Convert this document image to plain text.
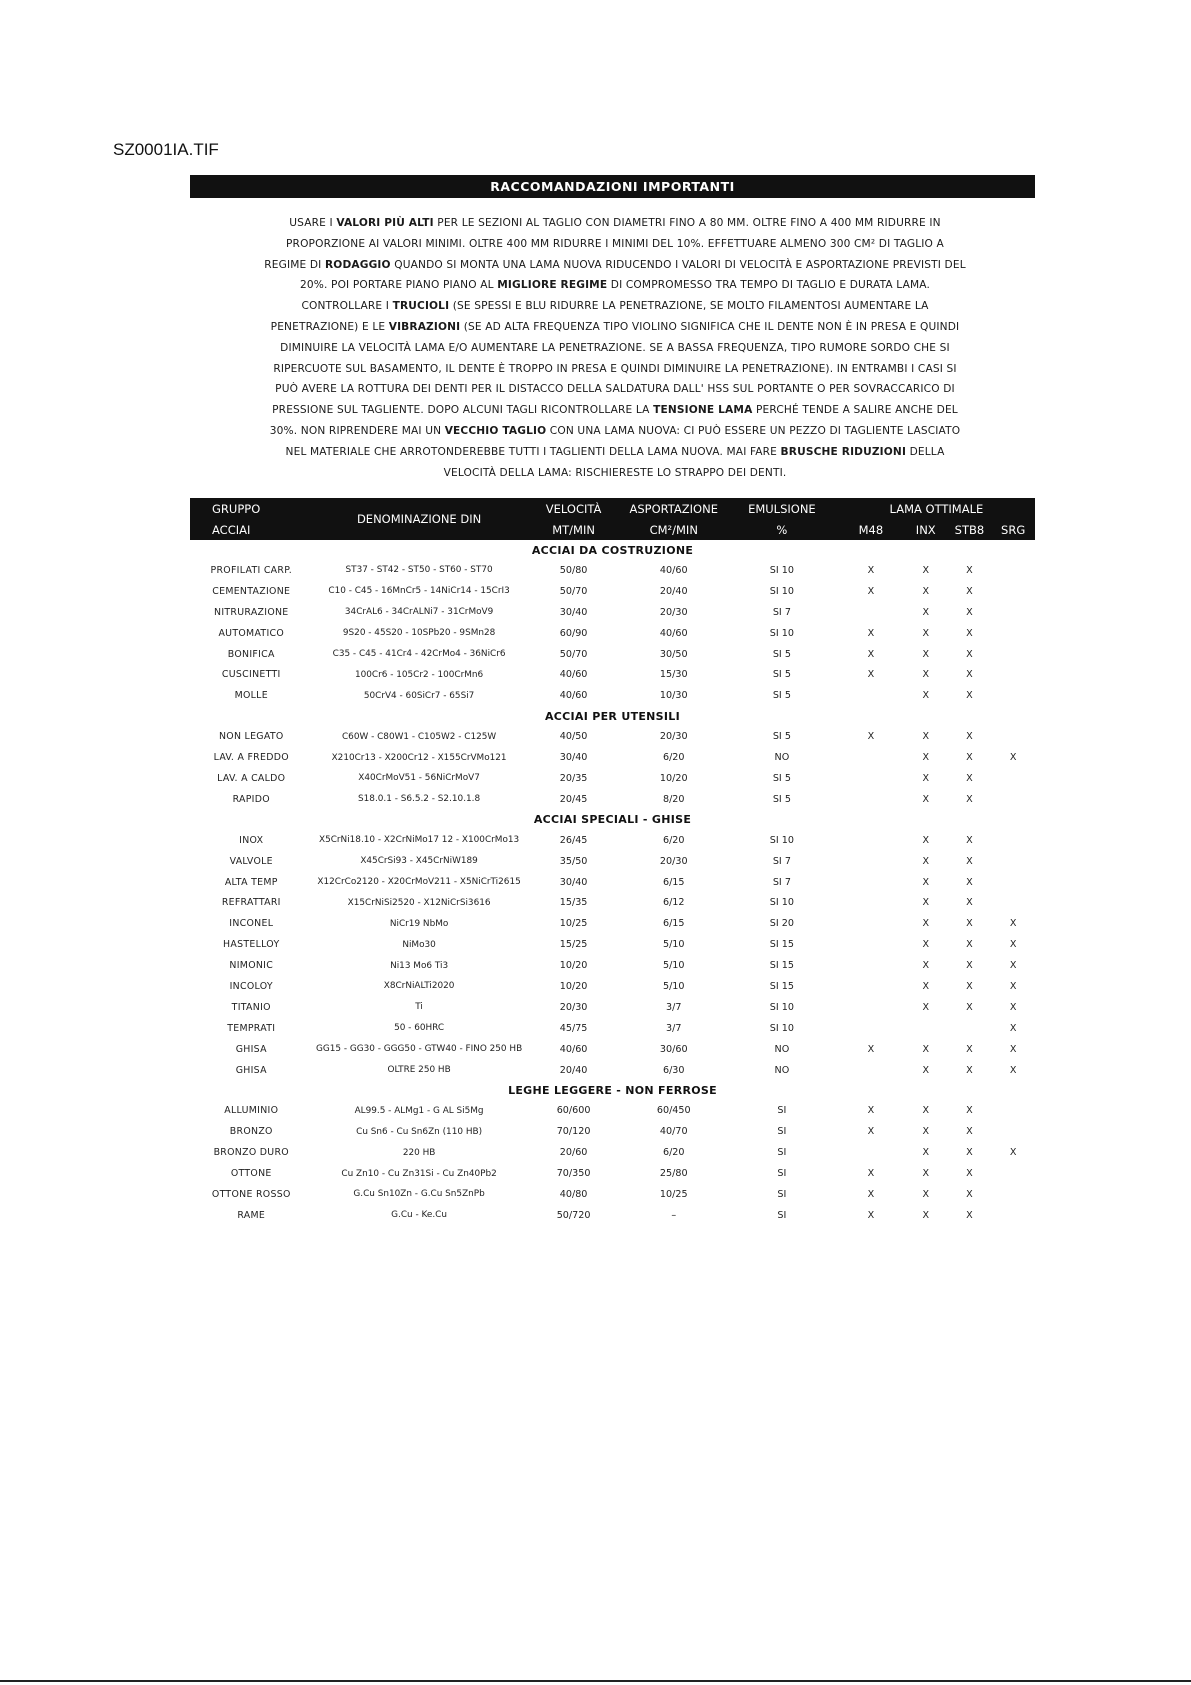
SZ0001IA.TIF
RACCOMANDAZIONI IMPORTANTI

USARE I VALORI PIÙ ALTI PER LE SEZIONI AL TAGLIO CON DIAMETRI FINO A 80 MM. OLTRE FINO A 400 MM RIDURRE IN

PROPORZIONE AI VALORI MINIMI. OLTRE 400 MM RIDURRE I MINIMI DEL 10%. EFFETTUARE ALMENO 300 CM² DI TAGLIO A

REGIME DI RODAGGIO QUANDO SI MONTA UNA LAMA NUOVA RIDUCENDO I VALORI DI VELOCITÀ E ASPORTAZIONE PREVISTI DEL

20%. POI PORTARE PIANO PIANO AL MIGLIORE REGIME DI COMPROMESSO TRA TEMPO DI TAGLIO E DURATA LAMA.

CONTROLLARE I TRUCIOLI (SE SPESSI E BLU RIDURRE LA PENETRAZIONE, SE MOLTO FILAMENTOSI AUMENTARE LA

PENETRAZIONE) E LE VIBRAZIONI (SE AD ALTA FREQUENZA TIPO VIOLINO SIGNIFICA CHE IL DENTE NON È IN PRESA E QUINDI

DIMINUIRE LA VELOCITÀ LAMA E/O AUMENTARE LA PENETRAZIONE. SE A BASSA FREQUENZA, TIPO RUMORE SORDO CHE SI

RIPERCUOTE SUL BASAMENTO, IL DENTE È TROPPO IN PRESA E QUINDI DIMINUIRE LA PENETRAZIONE). IN ENTRAMBI I CASI SI

PUÒ AVERE LA ROTTURA DEI DENTI PER IL DISTACCO DELLA SALDATURA DALL' HSS SUL PORTANTE O PER SOVRACCARICO DI

PRESSIONE SUL TAGLIENTE. DOPO ALCUNI TAGLI RICONTROLLARE LA TENSIONE LAMA PERCHÉ TENDE A SALIRE ANCHE DEL

30%. NON RIPRENDERE MAI UN VECCHIO TAGLIO CON UNA LAMA NUOVA: CI PUÒ ESSERE UN PEZZO DI TAGLIENTE LASCIATO

NEL MATERIALE CHE ARROTONDEREBBE TUTTI I TAGLIENTI DELLA LAMA NUOVA. MAI FARE BRUSCHE RIDUZIONI DELLA

VELOCITÀ DELLA LAMA: RISCHIERESTE LO STRAPPO DEI DENTI.

GRUPPO	DENOMINAZIONE DIN	VELOCITÀ	ASPORTAZIONE	EMULSIONE	LAMA OTTIMALE			
ACCIAI		MT/MIN	CM²/MIN	%	M48	INX	STB8	SRG
ACCIAI DA COSTRUZIONE								
PROFILATI CARP.	ST37 - ST42 - ST50 - ST60 - ST70	50/80	40/60	SI 10	X	X	X	
CEMENTAZIONE	C10 - C45 - 16MnCr5 - 14NiCr14 - 15CrI3	50/70	20/40	SI 10	X	X	X	
NITRURAZIONE	34CrAL6 - 34CrALNi7 - 31CrMoV9	30/40	20/30	SI 7		X	X	
AUTOMATICO	9S20 - 45S20 - 10SPb20 - 9SMn28	60/90	40/60	SI 10	X	X	X	
BONIFICA	C35 - C45 - 41Cr4 - 42CrMo4 - 36NiCr6	50/70	30/50	SI 5	X	X	X	
CUSCINETTI	100Cr6 - 105Cr2 - 100CrMn6	40/60	15/30	SI 5	X	X	X	
MOLLE	50CrV4 - 60SiCr7 - 65Si7	40/60	10/30	SI 5		X	X	
ACCIAI PER UTENSILI								
NON LEGATO	C60W - C80W1 - C105W2 - C125W	40/50	20/30	SI 5	X	X	X	
LAV. A FREDDO	X210Cr13 - X200Cr12 - X155CrVMo121	30/40	6/20	NO		X	X	X
LAV. A CALDO	X40CrMoV51 - 56NiCrMoV7	20/35	10/20	SI 5		X	X	
RAPIDO	S18.0.1 - S6.5.2 - S2.10.1.8	20/45	8/20	SI 5		X	X	
ACCIAI SPECIALI - GHISE								
INOX	X5CrNi18.10 - X2CrNiMo17 12 - X100CrMo13	26/45	6/20	SI 10		X	X	
VALVOLE	X45CrSi93 - X45CrNiW189	35/50	20/30	SI 7		X	X	
ALTA TEMP	X12CrCo2120 - X20CrMoV211 - X5NiCrTi2615	30/40	6/15	SI 7		X	X	
REFRATTARI	X15CrNiSi2520 - X12NiCrSi3616	15/35	6/12	SI 10		X	X	
INCONEL	NiCr19 NbMo	10/25	6/15	SI 20		X	X	X
HASTELLOY	NiMo30	15/25	5/10	SI 15		X	X	X
NIMONIC	Ni13 Mo6 Ti3	10/20	5/10	SI 15		X	X	X
INCOLOY	X8CrNiALTi2020	10/20	5/10	SI 15		X	X	X
TITANIO	Ti	20/30	3/7	SI 10		X	X	X
TEMPRATI	50 - 60HRC	45/75	3/7	SI 10				X
GHISA	GG15 - GG30 - GGG50 - GTW40 - FINO 250 HB	40/60	30/60	NO	X	X	X	X
GHISA	OLTRE 250 HB	20/40	6/30	NO		X	X	X
LEGHE LEGGERE - NON FERROSE								
ALLUMINIO	AL99.5 - ALMg1 - G AL Si5Mg	60/600	60/450	SI	X	X	X	
BRONZO	Cu Sn6 - Cu Sn6Zn (110 HB)	70/120	40/70	SI	X	X	X	
BRONZO DURO	220 HB	20/60	6/20	SI		X	X	X
OTTONE	Cu Zn10 - Cu Zn31Si - Cu Zn40Pb2	70/350	25/80	SI	X	X	X	
OTTONE ROSSO	G.Cu Sn10Zn - G.Cu Sn5ZnPb	40/80	10/25	SI	X	X	X	
RAME	G.Cu - Ke.Cu	50/720	–	SI	X	X	X	
